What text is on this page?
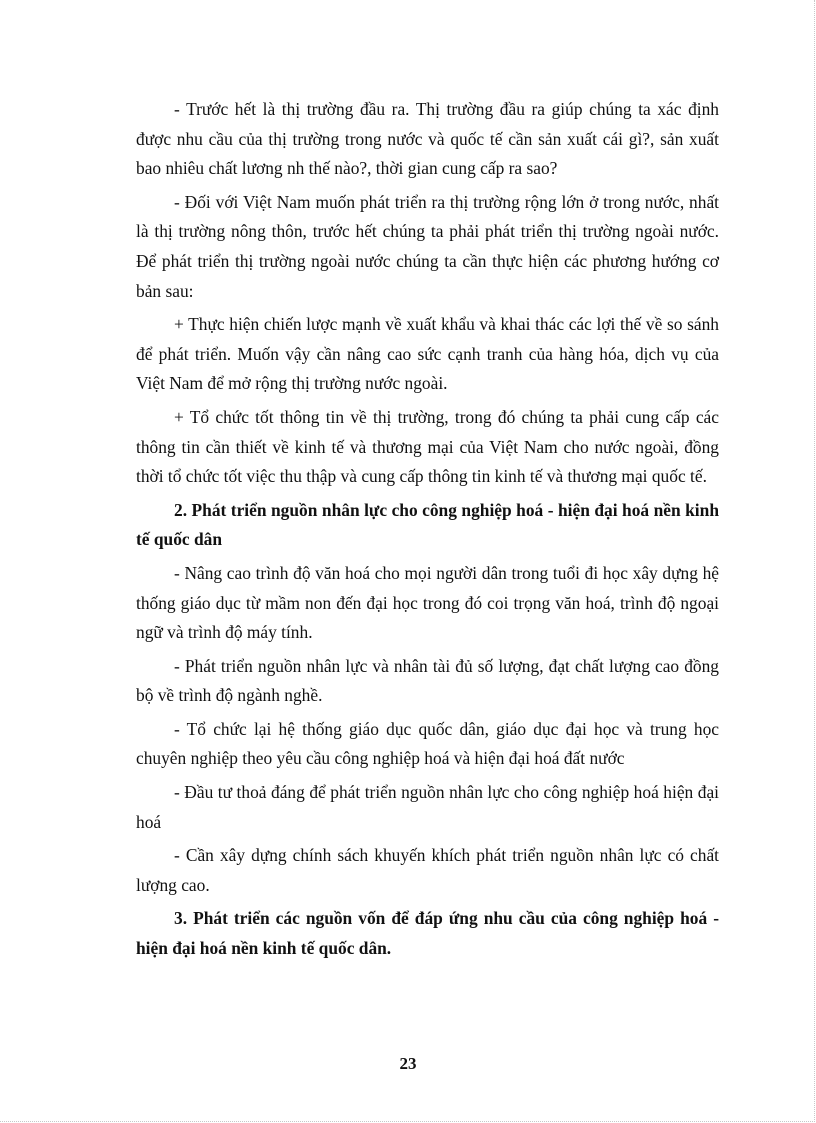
- Trước hết là thị trường đầu ra. Thị trường đầu ra giúp chúng ta xác định được nhu cầu của thị trường trong nước và quốc tế cần sản xuất cái gì?, sản xuất bao nhiêu chất lương nh thế nào?, thời gian cung cấp ra sao?

- Đối với Việt Nam muốn phát triển ra thị trường rộng lớn ở trong nước, nhất là thị trường nông thôn, trước hết chúng ta phải phát triển thị trường ngoài nước. Để phát triển thị trường ngoài nước chúng ta cần thực hiện các phương hướng cơ bản sau:

+ Thực hiện chiến lược mạnh về xuất khẩu và khai thác các lợi thế về so sánh để phát triển. Muốn vậy cần nâng cao sức cạnh tranh của hàng hóa, dịch vụ của Việt Nam để mở rộng thị trường nước ngoài.

+ Tổ chức tốt thông tin về thị trường, trong đó chúng ta phải cung cấp các thông tin cần thiết về kinh tế và thương mại của Việt Nam cho nước ngoài, đồng thời tổ chức tốt việc thu thập và cung cấp thông tin kinh tế và thương mại quốc tế.

2. Phát triển nguồn nhân lực cho công nghiệp hoá - hiện đại hoá nền kinh tế quốc dân

- Nâng cao trình độ văn hoá cho mọi người dân trong tuổi đi học xây dựng hệ thống giáo dục từ mầm non đến đại học trong đó coi trọng văn hoá, trình độ ngoại ngữ và trình độ máy tính.

- Phát triển nguồn nhân lực và nhân tài đủ số lượng, đạt chất lượng cao đồng bộ về trình độ ngành nghề.

- Tổ chức lại hệ thống giáo dục quốc dân, giáo dục đại học và trung học chuyên nghiệp theo yêu cầu công nghiệp hoá và hiện đại hoá đất nước

- Đầu tư thoả đáng để phát triển nguồn nhân lực cho công nghiệp hoá hiện đại hoá

- Cần xây dựng chính sách khuyến khích phát triển nguồn nhân lực có chất lượng cao.

3. Phát triển các nguồn vốn để đáp ứng nhu cầu của công nghiệp hoá - hiện đại hoá nền kinh tế quốc dân.

23
